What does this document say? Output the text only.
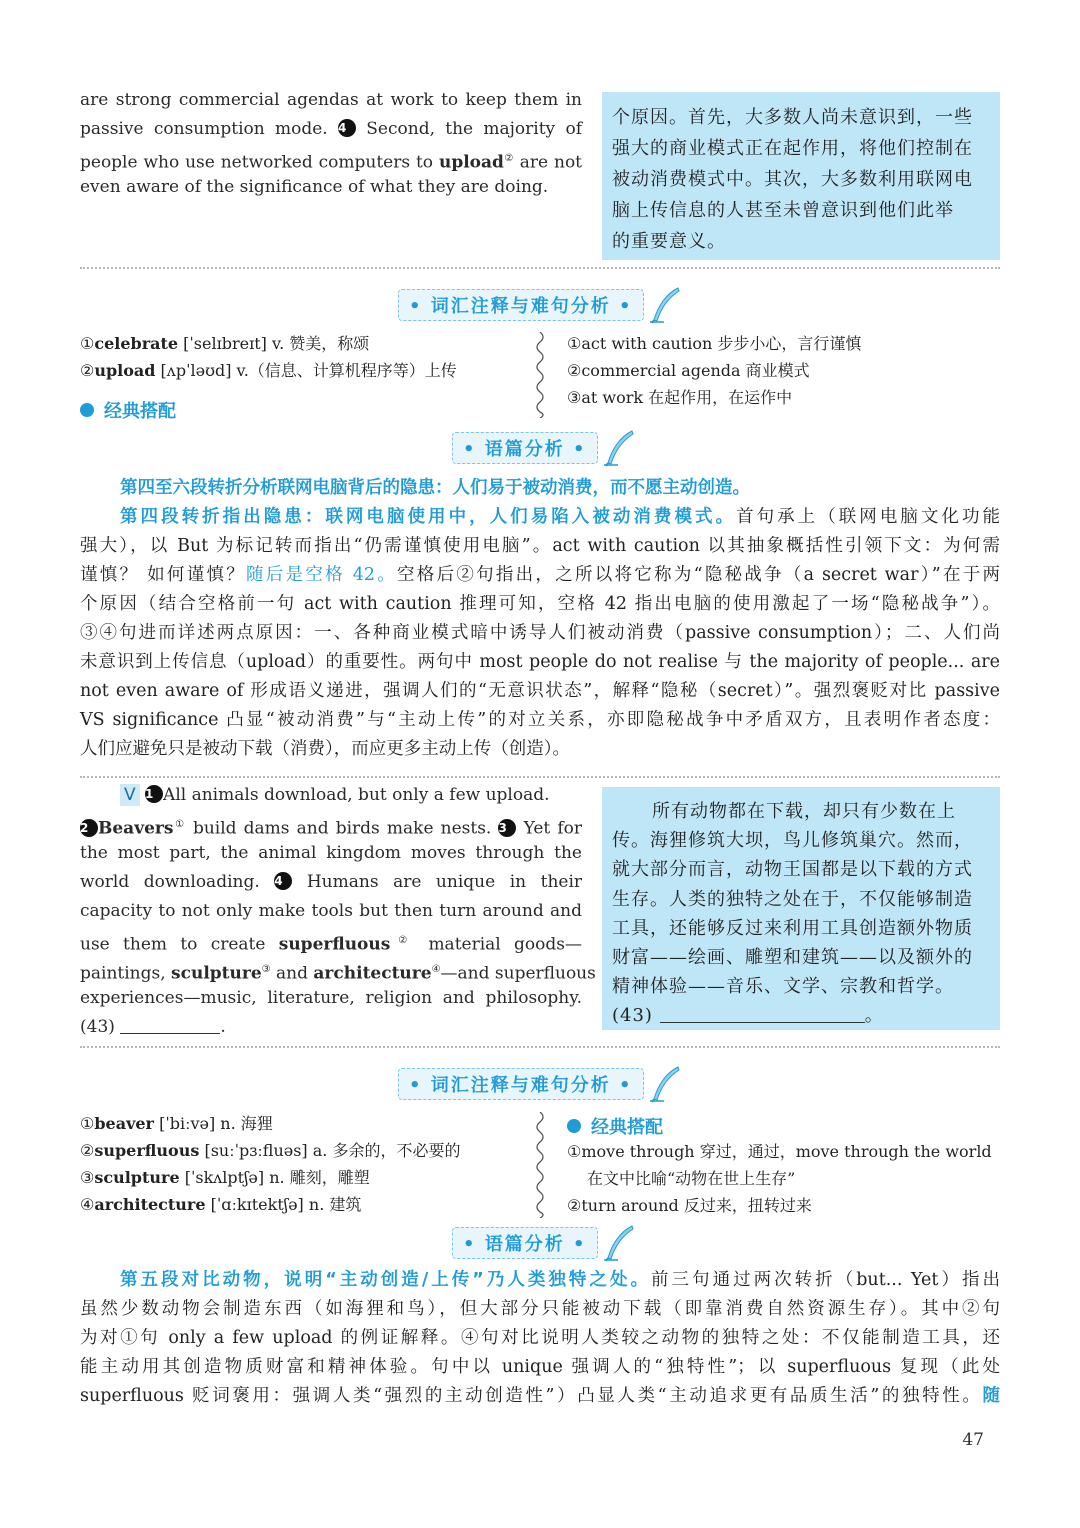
are strong commercial agendas at work to keep them in
passive consumption mode. 4 Second, the majority of
people who use networked computers to upload② are not
even aware of the significance of what they are doing.
个原因。首先，大多数人尚未意识到，一些
强大的商业模式正在起作用，将他们控制在
被动消费模式中。其次，大多数利用联网电
脑上传信息的人甚至未曾意识到他们此举
的重要意义。
• 词汇注释与难句分析 •
①celebrate [ˈselɪbreɪt] v. 赞美，称颂
②upload [ʌpˈləʊd] v.（信息、计算机程序等）上传
经典搭配
①act with caution 步步小心，言行谨慎
②commercial agenda 商业模式
③at work 在起作用，在运作中
• 语篇分析 •
第四至六段转折分析联网电脑背后的隐患：人们易于被动消费，而不愿主动创造。
第四段转折指出隐患：联网电脑使用中，人们易陷入被动消费模式。首句承上（联网电脑文化功能
强大），以 But 为标记转而指出“仍需谨慎使用电脑”。act with caution 以其抽象概括性引领下文：为何需
谨慎？ 如何谨慎？随后是空格 42。空格后②句指出，之所以将它称为“隐秘战争（a secret war）”在于两
个原因（结合空格前一句 act with caution 推理可知，空格 42 指出电脑的使用激起了一场“隐秘战争”）。
③④句进而详述两点原因：一、各种商业模式暗中诱导人们被动消费（passive consumption）；二、人们尚
未意识到上传信息（upload）的重要性。两句中 most people do not realise 与 the majority of people... are
not even aware of 形成语义递进，强调人们的“无意识状态”，解释“隐秘（secret）”。强烈褒贬对比 passive
VS significance 凸显“被动消费”与“主动上传”的对立关系，亦即隐秘战争中矛盾双方，且表明作者态度：
人们应避免只是被动下载（消费），而应更多主动上传（创造）。
V 1 All animals download, but only a few upload.
2 Beavers① build dams and birds make nests. 3 Yet for
the most part, the animal kingdom moves through the
world downloading. 4 Humans are unique in their
capacity to not only make tools but then turn around and
use them to create superfluous② material goods—
paintings, sculpture③ and architecture④—and superfluous
experiences—music, literature, religion and philosophy.
(43)	.
所有动物都在下载，却只有少数在上
传。海狸修筑大坝，鸟儿修筑巢穴。然而，
就大部分而言，动物王国都是以下载的方式
生存。人类的独特之处在于，不仅能够制造
工具，还能够反过来利用工具创造额外物质
财富——绘画、雕塑和建筑——以及额外的
精神体验——音乐、文学、宗教和哲学。
(43)	。
• 词汇注释与难句分析 •
①beaver [ˈbiːvə] n. 海狸
②superfluous [suːˈpɜːfluəs] a. 多余的，不必要的
③sculpture [ˈskʌlptʃə] n. 雕刻，雕塑
④architecture [ˈɑːkɪtektʃə] n. 建筑
经典搭配
①move through 穿过，通过，move through the world
在文中比喻“动物在世上生存”
②turn around 反过来，扭转过来
• 语篇分析 •
第五段对比动物，说明“主动创造/上传”乃人类独特之处。前三句通过两次转折（but... Yet）指出
虽然少数动物会制造东西（如海狸和鸟），但大部分只能被动下载（即靠消费自然资源生存）。其中②句
为对①句 only a few upload 的例证解释。④句对比说明人类较之动物的独特之处：不仅能制造工具，还
能主动用其创造物质财富和精神体验。句中以 unique 强调人的“独特性”；以 superfluous 复现（此处
superfluous 贬词褒用：强调人类“强烈的主动创造性”）凸显人类“主动追求更有品质生活”的独特性。随
47
